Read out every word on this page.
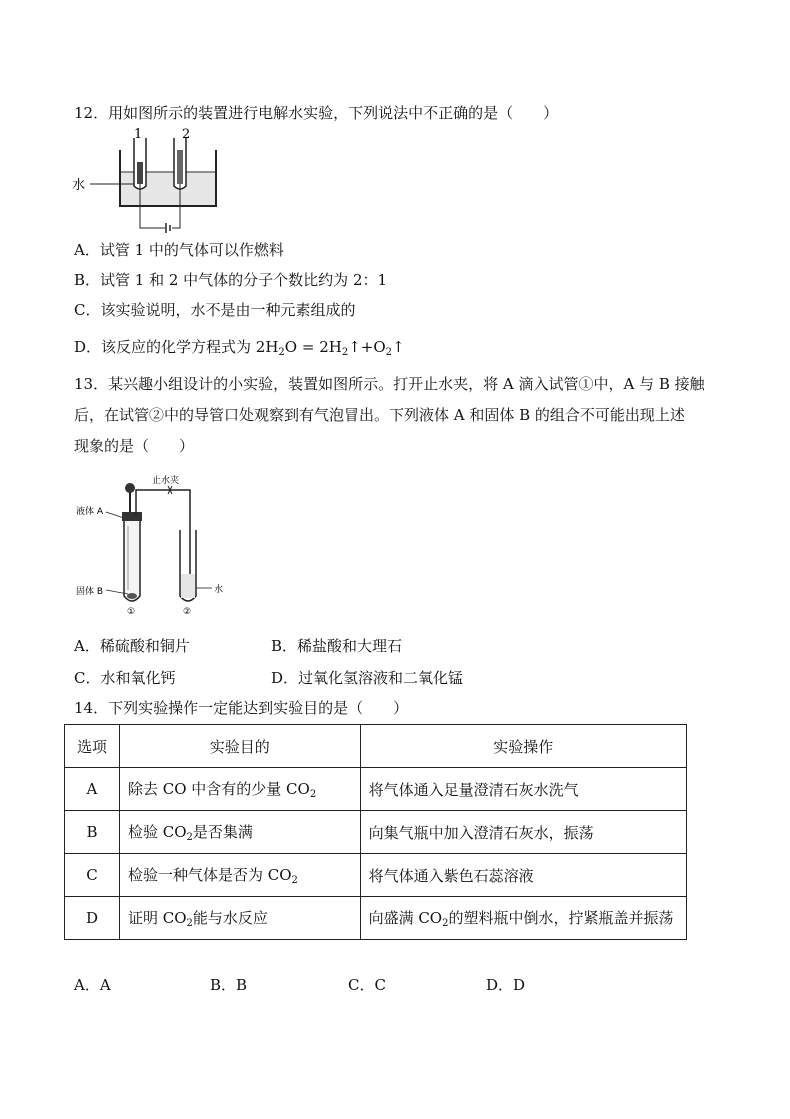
12．用如图所示的装置进行电解水实验，下列说法中不正确的是（　　）
1	2
水
A．试管 1 中的气体可以作燃料
B．试管 1 和 2 中气体的分子个数比约为 2：1
C．该实验说明，水不是由一种元素组成的
D．该反应的化学方程式为 $2H_2O$ = $2H_2↑+O_2↑$
13．某兴趣小组设计的小实验，装置如图所示。打开止水夹，将 A 滴入试管①中，A 与 B 接触
后，在试管②中的导管口处观察到有气泡冒出。下列液体 A 和固体 B 的组合不可能出现上述
现象的是（　　）
止水夹
液体 A
固体 B	水
①	②
A．稀硫酸和铜片	B．稀盐酸和大理石
C．水和氧化钙	D．过氧化氢溶液和二氧化锰
14．下列实验操作一定能达到实验目的是（　　）
选项	实验目的	实验操作
A	除去 CO 中含有的少量 $CO_2$	将气体通入足量澄清石灰水洗气
B	检验 $CO_2$是否集满	向集气瓶中加入澄清石灰水，振荡
C	检验一种气体是否为 $CO_2$	将气体通入紫色石蕊溶液
D	证明 $CO_2$能与水反应	向盛满 $CO_2$的塑料瓶中倒水，拧紧瓶盖并振荡
A．A	B．B	C．C	D．D
